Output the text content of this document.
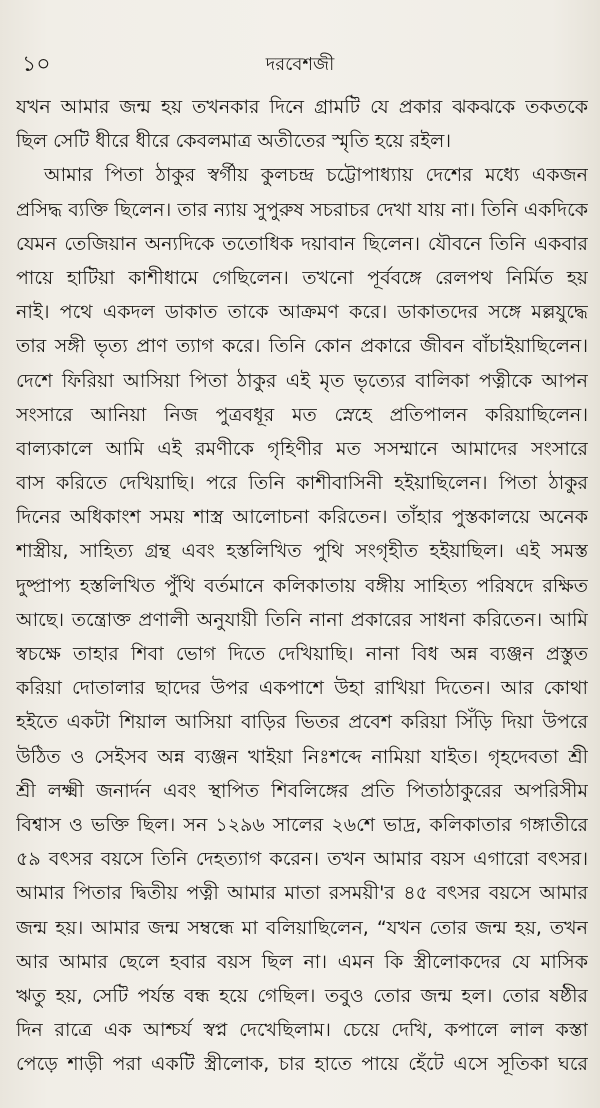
১০	দরবেশজী
যখন আমার জন্ম হয় তখনকার দিনে গ্রামটি যে প্রকার ঝকঝকে তকতকে
ছিল সেটি ধীরে ধীরে কেবলমাত্র অতীতের স্মৃতি হয়ে রইল।
আমার পিতা ঠাকুর স্বর্গীয় কুলচন্দ্র চট্টোপাধ্যায় দেশের মধ্যে একজন
প্রসিদ্ধ ব্যক্তি ছিলেন। তার ন্যায় সুপুরুষ সচরাচর দেখা যায় না। তিনি একদিকে
যেমন তেজিয়ান অন্যদিকে ততোধিক দয়াবান ছিলেন। যৌবনে তিনি একবার
পায়ে হাটিয়া কাশীধামে গেছিলেন। তখনো পূর্ববঙ্গে রেলপথ নির্মিত হয়
নাই। পথে একদল ডাকাত তাকে আক্রমণ করে। ডাকাতদের সঙ্গে মল্লযুদ্ধে
তার সঙ্গী ভৃত্য প্রাণ ত্যাগ করে। তিনি কোন প্রকারে জীবন বাঁচাইয়াছিলেন।
দেশে ফিরিয়া আসিয়া পিতা ঠাকুর এই মৃত ভৃত্যের বালিকা পত্নীকে আপন
সংসারে আনিয়া নিজ পুত্রবধূর মত স্নেহে প্রতিপালন করিয়াছিলেন।
বাল্যকালে আমি এই রমণীকে গৃহিণীর মত সসম্মানে আমাদের সংসারে
বাস করিতে দেখিয়াছি। পরে তিনি কাশীবাসিনী হইয়াছিলেন। পিতা ঠাকুর
দিনের অধিকাংশ সময় শাস্ত্র আলোচনা করিতেন। তাঁহার পুস্তকালয়ে অনেক
শাস্ত্রীয়, সাহিত্য গ্রন্থ এবং হস্তলিখিত পুথি সংগৃহীত হইয়াছিল। এই সমস্ত
দুষ্প্রাপ্য হস্তলিখিত পুঁথি বর্তমানে কলিকাতায় বঙ্গীয় সাহিত্য পরিষদে রক্ষিত
আছে। তন্ত্রোক্ত প্রণালী অনুযায়ী তিনি নানা প্রকারের সাধনা করিতেন। আমি
স্বচক্ষে তাহার শিবা ভোগ দিতে দেখিয়াছি। নানা বিধ অন্ন ব্যঞ্জন প্রস্তুত
করিয়া দোতালার ছাদের উপর একপাশে উহা রাখিয়া দিতেন। আর কোথা
হইতে একটা শিয়াল আসিয়া বাড়ির ভিতর প্রবেশ করিয়া সিঁড়ি দিয়া উপরে
উঠিত ও সেইসব অন্ন ব্যঞ্জন খাইয়া নিঃশব্দে নামিয়া যাইত। গৃহদেবতা শ্রী
শ্রী লক্ষ্মী জনার্দন এবং স্থাপিত শিবলিঙ্গের প্রতি পিতাঠাকুরের অপরিসীম
বিশ্বাস ও ভক্তি ছিল। সন ১২৯৬ সালের ২৬শে ভাদ্র, কলিকাতার গঙ্গাতীরে
৫৯ বৎসর বয়সে তিনি দেহত্যাগ করেন। তখন আমার বয়স এগারো বৎসর।
আমার পিতার দ্বিতীয় পত্নী আমার মাতা রসময়ী'র ৪৫ বৎসর বয়সে আমার
জন্ম হয়। আমার জন্ম সম্বন্ধে মা বলিয়াছিলেন, “যখন তোর জন্ম হয়, তখন
আর আমার ছেলে হবার বয়স ছিল না। এমন কি স্ত্রীলোকদের যে মাসিক
ঋতু হয়, সেটি পর্যন্ত বন্ধ হয়ে গেছিল। তবুও তোর জন্ম হল। তোর ষষ্ঠীর
দিন রাত্রে এক আশ্চর্য স্বপ্ন দেখেছিলাম। চেয়ে দেখি, কপালে লাল কস্তা
পেড়ে শাড়ী পরা একটি স্ত্রীলোক, চার হাতে পায়ে হেঁটে এসে সূতিকা ঘরে
